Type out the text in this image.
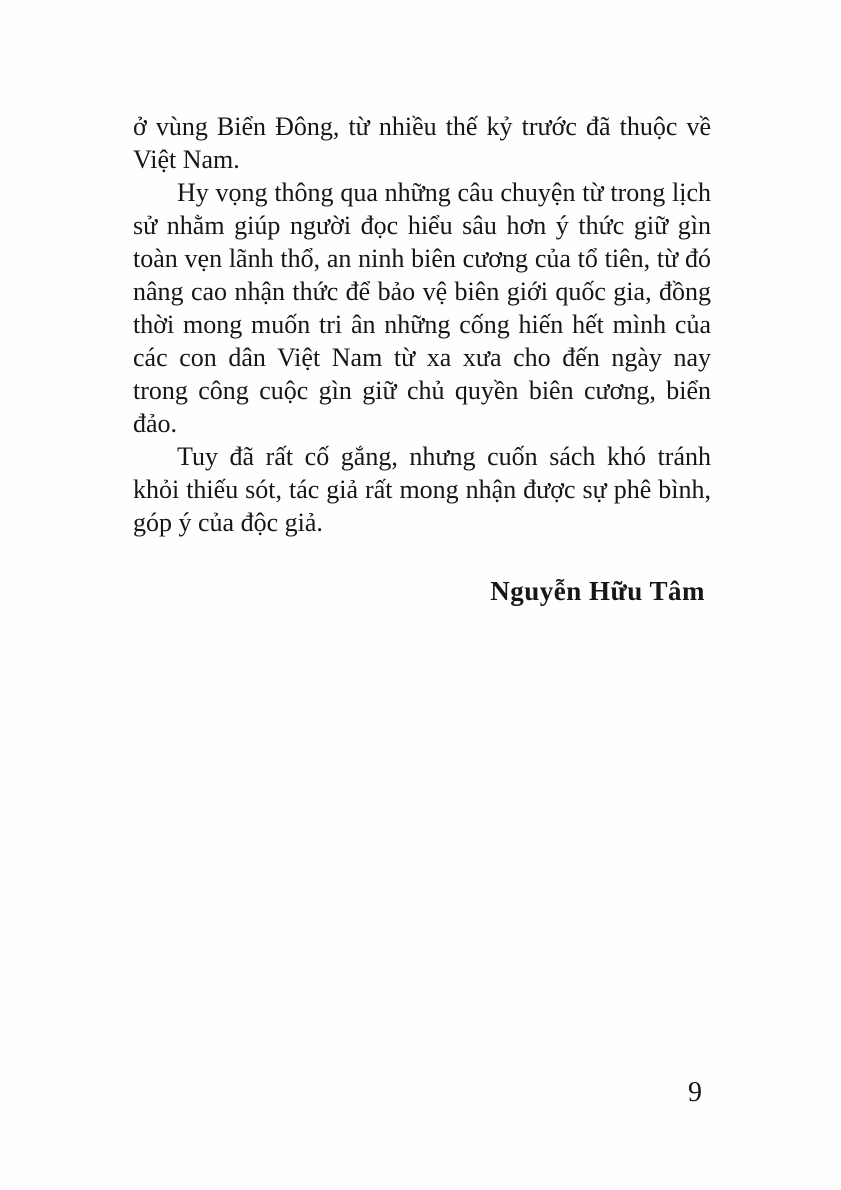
ở vùng Biển Đông, từ nhiều thế kỷ trước đã thuộc về Việt Nam.

Hy vọng thông qua những câu chuyện từ trong lịch sử nhằm giúp người đọc hiểu sâu hơn ý thức giữ gìn toàn vẹn lãnh thổ, an ninh biên cương của tổ tiên, từ đó nâng cao nhận thức để bảo vệ biên giới quốc gia, đồng thời mong muốn tri ân những cống hiến hết mình của các con dân Việt Nam từ xa xưa cho đến ngày nay trong công cuộc gìn giữ chủ quyền biên cương, biển đảo.

Tuy đã rất cố gắng, nhưng cuốn sách khó tránh khỏi thiếu sót, tác giả rất mong nhận được sự phê bình, góp ý của độc giả.

Nguyễn Hữu Tâm
9
